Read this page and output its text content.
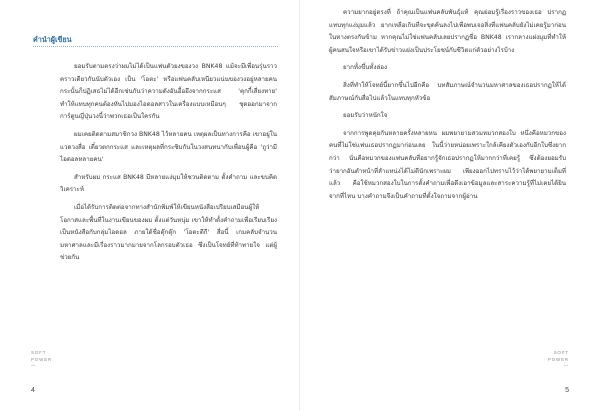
คำนำผู้เขียน

ยอมรับตามตรงว่าผมไม่ได้เป็นแฟนตัวยงของวง BNK48 แม้จะมีเพื่อนรุ่นราวคราวเดียวกันนับตัวเอง เป็น 'โอตะ' หรือแฟนคลับเหนียวแน่นของวงอยู่หลายคน กระนั้นก็ปฏิเสธไม่ได้อีกเช่นกันว่าความดังอันอื้ออึงจากกระแส 'คุกกี้เสี่ยงทาย' ทำให้แทบทุกคนต้องหันไปมองไอดอลสาวในเครื่องแบบเหมือนๆ ชุดออกมาจากการ์ตูนญี่ปุ่นวงนี้ว่าพวกเธอเป็นใครกัน

ผมเคยติดตามสมาชิกวง BNK48 ไว้หลายคน เหตุผลเป็นทางการคือ เขาอยู่ในแวดวงสื่อ เดี๋ยวตกกระแส และเหตุผลที่กระซิบกันในวงสนทนากับเพื่อนผู้คือ 'ถูว่ามีไอดอลหลายคน'

สำหรับผม กระแส BNK48 มีหลายแง่มุมให้ชวนติดตาม ตั้งคำถาม และขบคิดวิเคราะห์

เมื่อได้รับการติดต่อจากทางสำนักพิมพ์ให้เขียนหนังสือเปรียบเสมือนผู้ให้โอกาสและพื้นที่ในงานเขียนของผม ตั้งแต่วันหนุ่ม เขาให้ทำตั้งคำถามเพื่อเรียบเรียงเป็นหนังสือกับกลุ่มไอดอล ภายใต้ชื่อตุ๊กตุ๊ก 'โอตะตีกี' สื่อนี้ เกมคลับจำนวนมหาศาลและมีเรื่องราวมากมายจากโลกรอบตัวเธอ ซึ่งเป็นโจทย์ที่ท้าทายใจ แต่ผู้ช่วยกัน

SOFT
POWER
—
4

ความยากอยู่ตรงที่ ถ้าคุณเป็นแฟนคลับพันธุ์แท้ คุณย่อมรู้เรื่องราวของเธอ ปรากฏแทบทุกแง่มุมแล้ว ยากเหลือเกินที่จะขุดค้นลงไปเพื่อพบเจอสิ่งที่แฟนคลับยังไม่เคยรู้มาก่อน ในทางตรงกันข้าม หากคุณไม่ใช่แฟนคลับเลยปรากฏชื่อ BNK48 เรากลางแฝงมุมที่ทำให้ผู้คนสนใจหรือเขาได้รับข่าวแฝงเป็นประโยชน์กับชีวิตแก่ตัวอย่างไรบ้าง

ยากทั้งขึ้นทั้งล่อง

สิ่งที่ทำให้โจทย์นี้ยากขึ้นไปอีกคือ บทสัมภาษณ์จำนวนมหาศาลของเธอปรากฏให้ได้สัมภาษณ์กับสื่อไปแล้วในแทบทุกหัวข้อ

ยอมรับว่าหนักใจ

จากการพูดคุยกันหลายครั้งหลายหน ผมพยายามสวมหมวกสองใบ หนึ่งคือหมวกของคนที่ไม่ใช่แฟนเธอปรากฏมาก่อนเลย ในนี้ว่ายหน่อยเพราะใกล้เคียงตัวเองกับอีกใบซึ่งยากกว่า นั่นคือหมวกของแฟนคลับที่อยากรู้จักเธอปรากฏให้มากกว่าที่เคยรู้ ซึ่งต้องยอมรับว่ายากอันตำหน้าที่ลำแหน่งได้ไม่ดีนักเพราะผม เพียงออกไปทราบไว้ว่าได้พยายามเต็มที่แล้ว คือใช้หมวกสองใบในการตั้งคำถามเพื่อดึงเอาข้อมูลและสาระความรู้ที่ไม่เคยได้ยินจากที่ไหน บางคำถามจึงเป็นคำถามที่ตั้งใจถามจากผู้อ่าน

SOFT
POWER
—
5
